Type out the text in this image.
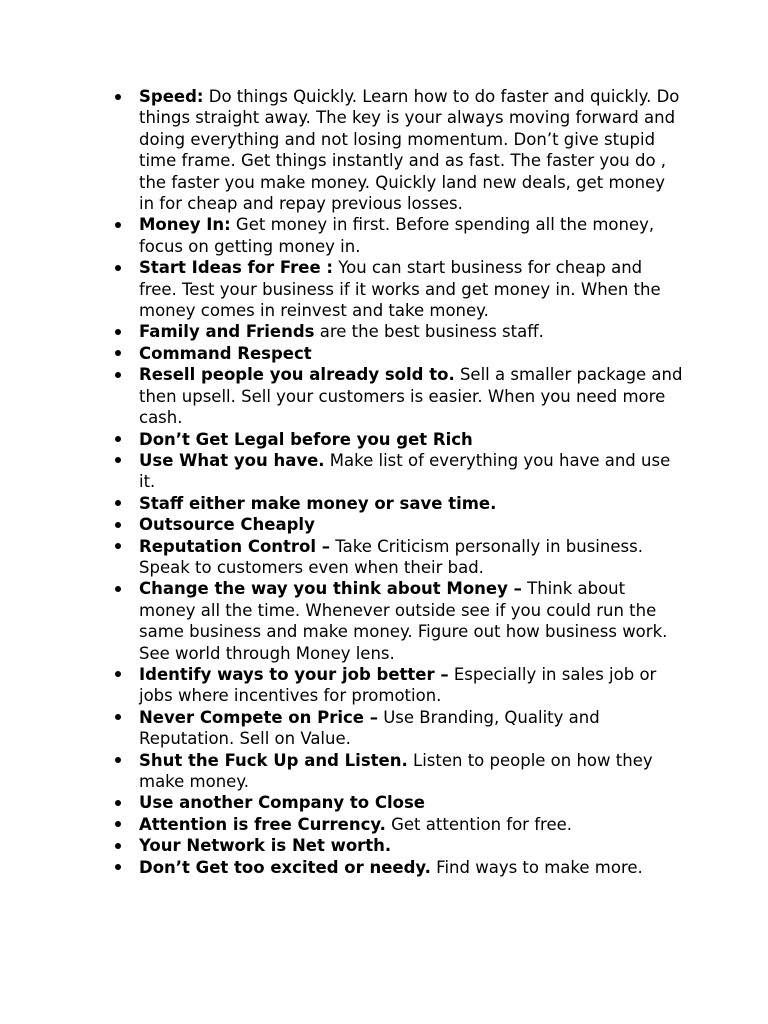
Speed: Do things Quickly. Learn how to do faster and quickly. Do things straight away. The key is your always moving forward and doing everything and not losing momentum. Don’t give stupid time frame. Get things instantly and as fast. The faster you do , the faster you make money. Quickly land new deals, get money in for cheap and repay previous losses.
Money In: Get money in first. Before spending all the money, focus on getting money in.
Start Ideas for Free : You can start business for cheap and free. Test your business if it works and get money in. When the money comes in reinvest and take money.
Family and Friends are the best business staff.
Command Respect
Resell people you already sold to. Sell a smaller package and then upsell. Sell your customers is easier. When you need more cash.
Don’t Get Legal before you get Rich
Use What you have. Make list of everything you have and use it.
Staff either make money or save time.
Outsource Cheaply
Reputation Control – Take Criticism personally in business. Speak to customers even when their bad.
Change the way you think about Money – Think about money all the time. Whenever outside see if you could run the same business and make money. Figure out how business work. See world through Money lens.
Identify ways to your job better – Especially in sales job or jobs where incentives for promotion.
Never Compete on Price – Use Branding, Quality and Reputation. Sell on Value.
Shut the Fuck Up and Listen. Listen to people on how they make money.
Use another Company to Close
Attention is free Currency. Get attention for free.
Your Network is Net worth.
Don’t Get too excited or needy. Find ways to make more.
